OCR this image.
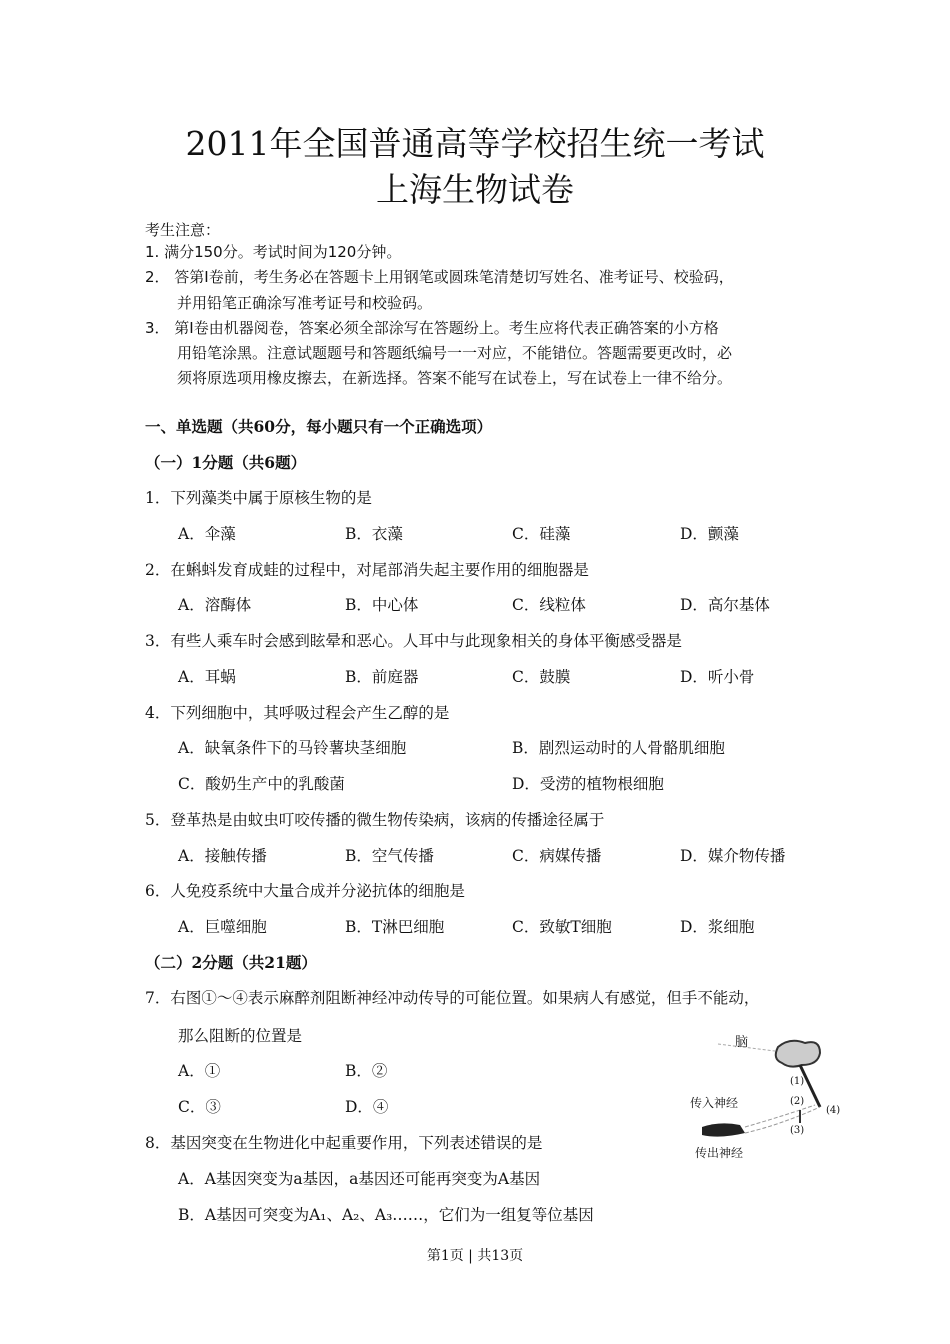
2011年全国普通高等学校招生统一考试
上海生物试卷
考生注意：
1. 满分150分。考试时间为120分钟。
2． 答第Ⅰ卷前，考生务必在答题卡上用钢笔或圆珠笔清楚切写姓名、准考证号、校验码，
并用铅笔正确涂写准考证号和校验码。
3． 第Ⅰ卷由机器阅卷，答案必须全部涂写在答题纷上。考生应将代表正确答案的小方格
用铅笔涂黑。注意试题题号和答题纸编号一一对应，不能错位。答题需要更改时，必
须将原选项用橡皮擦去，在新选择。答案不能写在试卷上，写在试卷上一律不给分。
一、单选题（共60分，每小题只有一个正确选项）
（一）1分题（共6题）
1．下列藻类中属于原核生物的是
A．伞藻	B．衣藻	C．硅藻	D．颤藻
2．在蝌蚪发育成蛙的过程中，对尾部消失起主要作用的细胞器是
A．溶酶体	B．中心体	C．线粒体	D．高尔基体
3．有些人乘车时会感到眩晕和恶心。人耳中与此现象相关的身体平衡感受器是
A．耳蜗	B．前庭器	C．鼓膜	D．听小骨
4．下列细胞中，其呼吸过程会产生乙醇的是
A．缺氧条件下的马铃薯块茎细胞	B．剧烈运动时的人骨骼肌细胞
C．酸奶生产中的乳酸菌	D．受涝的植物根细胞
5．登革热是由蚊虫叮咬传播的微生物传染病，该病的传播途径属于
A．接触传播	B．空气传播	C．病媒传播	D．媒介物传播
6．人免疫系统中大量合成并分泌抗体的细胞是
A．巨噬细胞	B．T淋巴细胞	C．致敏T细胞	D．浆细胞
（二）2分题（共21题）
7．右图①～④表示麻醉剂阻断神经冲动传导的可能位置。如果病人有感觉，但手不能动，
那么阻断的位置是
A．①	B．②
C．③	D．④
脑
(1)
传入神经	(2)
(4)
(3)
传出神经
8．基因突变在生物进化中起重要作用，下列表述错误的是
A．A基因突变为a基因，a基因还可能再突变为A基因
B．A基因可突变为A₁、A₂、A₃……，它们为一组复等位基因
第1页 | 共13页
